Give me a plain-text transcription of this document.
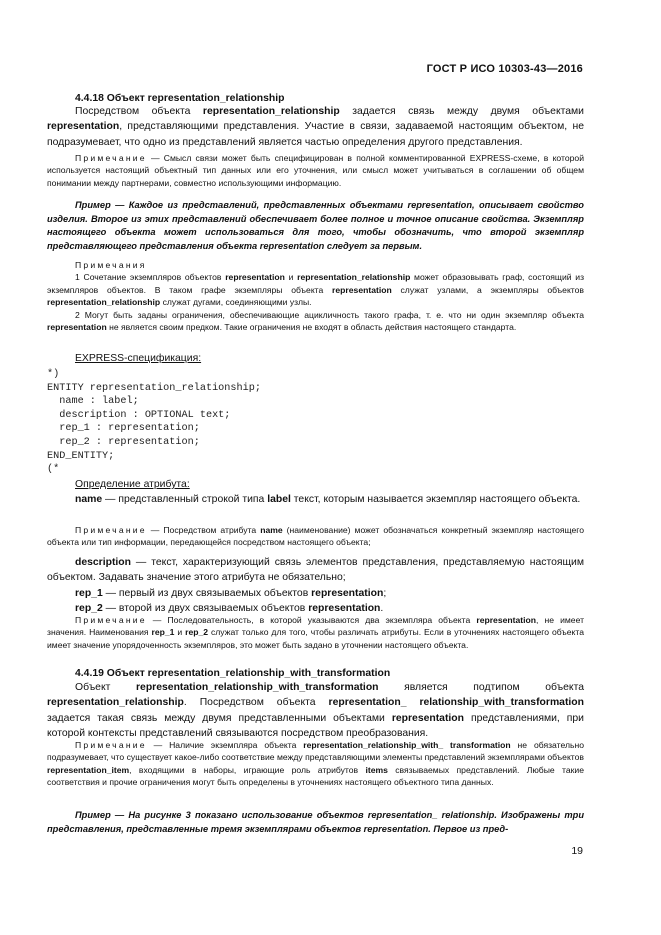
ГОСТ Р ИСО 10303-43—2016

4.4.18 Объект representation_relationship

Посредством объекта representation_relationship задается связь между двумя объектами representation, представляющими представления. Участие в связи, задаваемой настоящим объектом, не подразумевает, что одно из представлений является частью определения другого представления.

Примечание — Смысл связи может быть специфицирован в полной комментированной EXPRESS-схеме, в которой используется настоящий объектный тип данных или его уточнения, или смысл может учитываться в соглашении об общем понимании между партнерами, совместно использующими информацию.

Пример — Каждое из представлений, представленных объектами representation, описывает свойство изделия. Второе из этих представлений обеспечивает более полное и точное описание свойства. Экземпляр настоящего объекта может использоваться для того, чтобы обозначить, что второй экземпляр представляющего представления объекта representation следует за первым.

Примечания

1 Сочетание экземпляров объектов representation и representation_relationship может образовывать граф, состоящий из экземпляров объектов. В таком графе экземпляры объекта representation служат узлами, а экземпляры объектов representation_relationship служат дугами, соединяющими узлы.

2 Могут быть заданы ограничения, обеспечивающие ацикличность такого графа, т. е. что ни один экземпляр объекта representation не является своим предком. Такие ограничения не входят в область действия настоящего стандарта.

EXPRESS-спецификация:

*)
ENTITY representation_relationship;
name : label;
description : OPTIONAL text;
rep_1 : representation;
rep_2 : representation;
END_ENTITY;
(*

Определение атрибута:

name — представленный строкой типа label текст, которым называется экземпляр настоящего объекта.

Примечание — Посредством атрибута name (наименование) может обозначаться конкретный экземпляр настоящего объекта или тип информации, передающейся посредством настоящего объекта;

description — текст, характеризующий связь элементов представления, представляемую настоящим объектом. Задавать значение этого атрибута не обязательно;

rep_1 — первый из двух связываемых объектов representation;

rep_2 — второй из двух связываемых объектов representation.

Примечание — Последовательность, в которой указываются два экземпляра объекта representation, не имеет значения. Наименования rep_1 и rep_2 служат только для того, чтобы различать атрибуты. Если в уточнениях настоящего объекта имеет значение упорядоченность экземпляров, это может быть задано в уточнении настоящего объекта.

4.4.19 Объект representation_relationship_with_transformation

Объект representation_relationship_with_transformation является подтипом объекта representation_relationship. Посредством объекта representation_ relationship_with_transformation задается такая связь между двумя представленными объектами representation представлениями, при которой контексты представлений связываются посредством преобразования.

Примечание — Наличие экземпляра объекта representation_relationship_with_ transformation не обязательно подразумевает, что существует какое-либо соответствие между представляющими элементы представлений экземплярами объектов representation_item, входящими в наборы, играющие роль атрибутов items связываемых представлений. Любые такие соответствия и прочие ограничения могут быть определены в уточнениях настоящего объектного типа данных.

Пример — На рисунке 3 показано использование объектов representation_ relationship. Изображены три представления, представленные тремя экземплярами объектов representation. Первое из пред-

19
